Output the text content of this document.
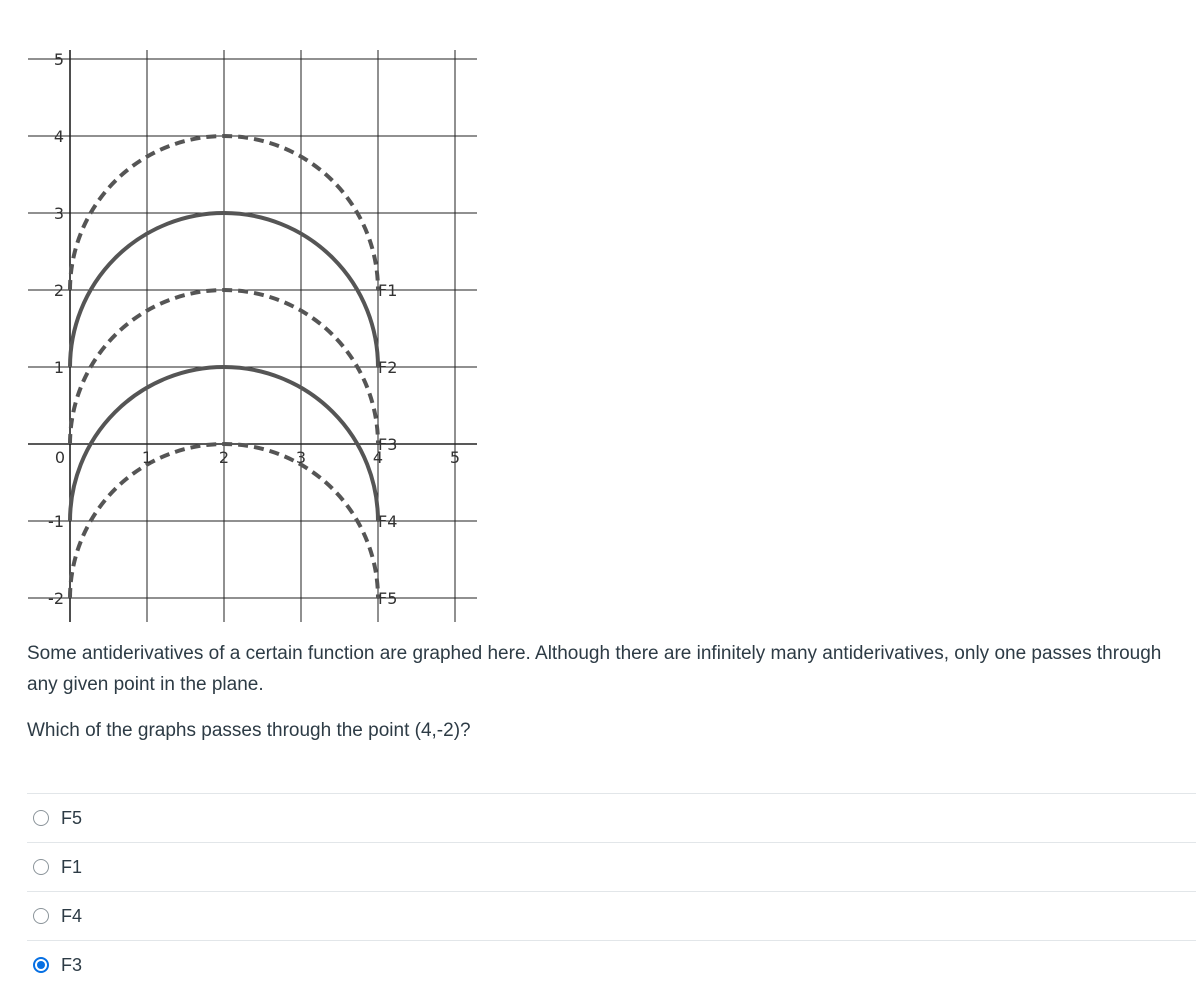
-2
-1
1
2
3
4
5
0	1	2	3	4	5
F1
F2
F3
F4
F5

Some antiderivatives of a certain function are graphed here. Although there are infinitely many antiderivatives, only one passes through any given point in the plane.

Which of the graphs passes through the point (4,-2)?

F5
F1
F4
F3
